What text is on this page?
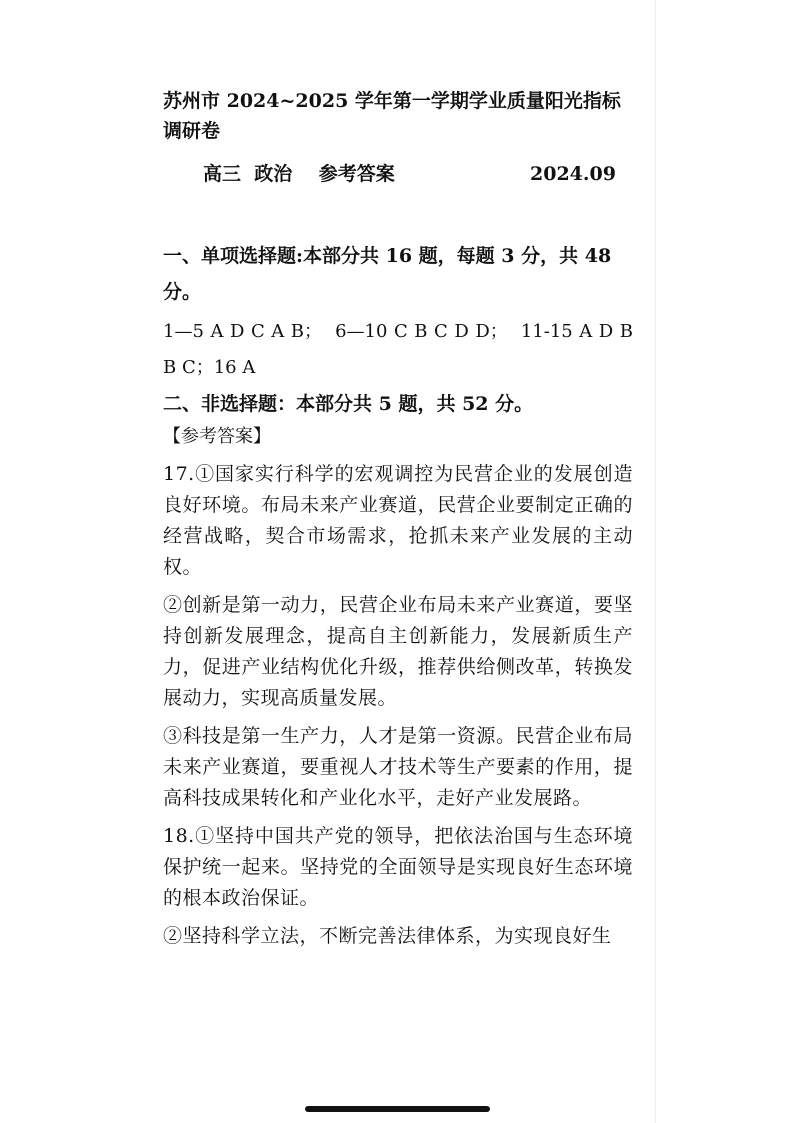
苏州市 2024~2025 学年第一学期学业质量阳光指标调研卷

高三  政治    参考答案	2024.09

一、单项选择题:本部分共 16 题，每题 3 分，共 48 分。

1—5 A D C A B；  6—10 C B C D D；  11-15 A D B B C；16 A

二、非选择题：本部分共 5 题，共 52 分。

【参考答案】

17.①国家实行科学的宏观调控为民营企业的发展创造良好环境。布局未来产业赛道，民营企业要制定正确的经营战略，契合市场需求，抢抓未来产业发展的主动权。

②创新是第一动力，民营企业布局未来产业赛道，要坚持创新发展理念，提高自主创新能力，发展新质生产力，促进产业结构优化升级，推荐供给侧改革，转换发展动力，实现高质量发展。

③科技是第一生产力，人才是第一资源。民营企业布局未来产业赛道，要重视人才技术等生产要素的作用，提高科技成果转化和产业化水平，走好产业发展路。

18.①坚持中国共产党的领导，把依法治国与生态环境保护统一起来。坚持党的全面领导是实现良好生态环境的根本政治保证。

②坚持科学立法，不断完善法律体系，为实现良好生
